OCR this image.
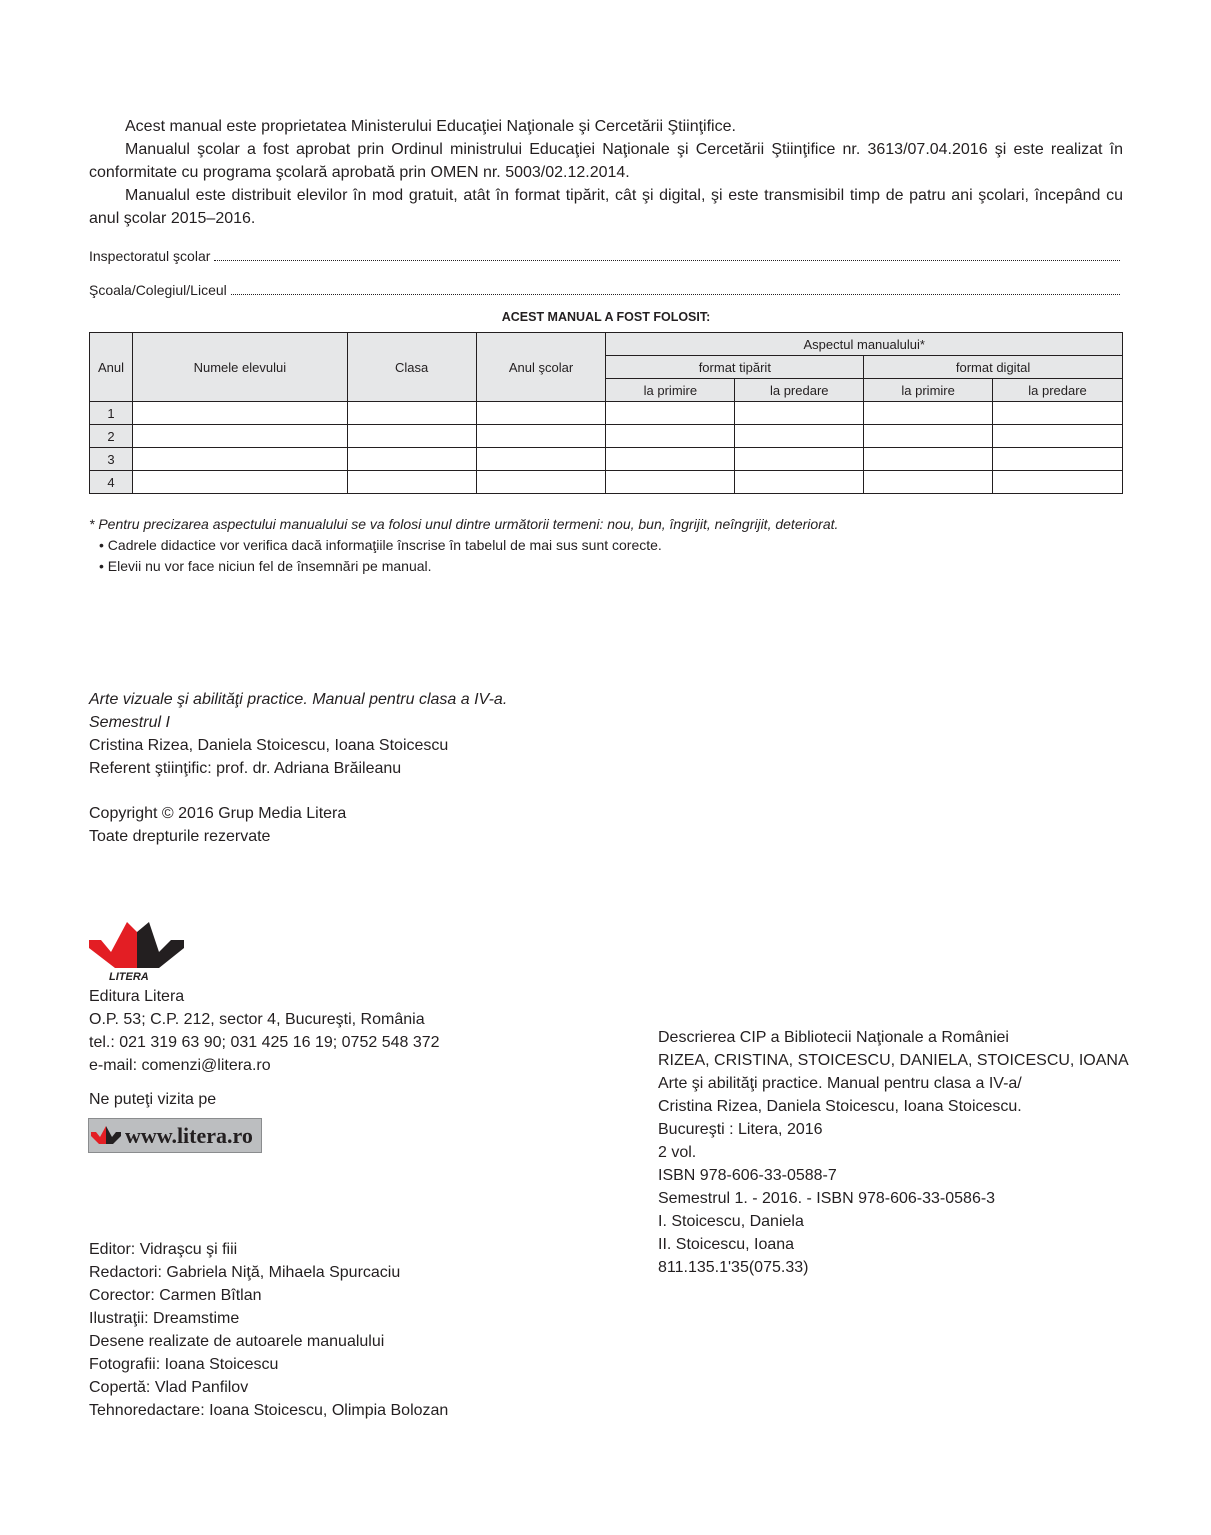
Acest manual este proprietatea Ministerului Educaţiei Naţionale şi Cercetării Ştiinţifice.

Manualul şcolar a fost aprobat prin Ordinul ministrului Educaţiei Naţionale şi Cercetării Ştiinţifice nr. 3613/07.04.2016 şi este realizat în conformitate cu programa şcolară aprobată prin OMEN nr. 5003/02.12.2014.

Manualul este distribuit elevilor în mod gratuit, atât în format tipărit, cât şi digital, şi este transmisibil timp de patru ani şcolari, începând cu anul şcolar 2015–2016.

Inspectoratul şcolar
Şcoala/Colegiul/Liceul
ACEST MANUAL A FOST FOLOSIT:
Anul	Numele elevului	Clasa	Anul şcolar	Aspectul manualului*			
				format tipărit		format digital	
				la primire	la predare	la primire	la predare
1							
2							
3							
4							
* Pentru precizarea aspectului manualului se va folosi unul dintre următorii termeni: nou, bun, îngrijit, neîngrijit, deteriorat.
• Cadrele didactice vor verifica dacă informaţiile înscrise în tabelul de mai sus sunt corecte.
• Elevii nu vor face niciun fel de însemnări pe manual.
Arte vizuale şi abilităţi practice. Manual pentru clasa a IV-a.
Semestrul I
Cristina Rizea, Daniela Stoicescu, Ioana Stoicescu
Referent ştiinţific: prof. dr. Adriana Brăileanu
Copyright © 2016 Grup Media Litera
Toate drepturile rezervate
LITERA
Editura Litera
O.P. 53; C.P. 212, sector 4, Bucureşti, România
tel.: 021 319 63 90; 031 425 16 19; 0752 548 372
e-mail: comenzi@litera.ro
Ne puteţi vizita pe
www.litera.ro
Descrierea CIP a Bibliotecii Naţionale a României
RIZEA, CRISTINA, STOICESCU, DANIELA, STOICESCU, IOANA
Arte şi abilităţi practice. Manual pentru clasa a IV-a/
Cristina Rizea, Daniela Stoicescu, Ioana Stoicescu.
Bucureşti : Litera, 2016
2 vol.
ISBN 978-606-33-0588-7
Semestrul 1. - 2016. - ISBN 978-606-33-0586-3
I. Stoicescu, Daniela
II. Stoicescu, Ioana
811.135.1'35(075.33)
Editor: Vidraşcu şi fiii
Redactori: Gabriela Niţă, Mihaela Spurcaciu
Corector: Carmen Bîtlan
Ilustraţii: Dreamstime
Desene realizate de autoarele manualului
Fotografii: Ioana Stoicescu
Copertă: Vlad Panfilov
Tehnoredactare: Ioana Stoicescu, Olimpia Bolozan
